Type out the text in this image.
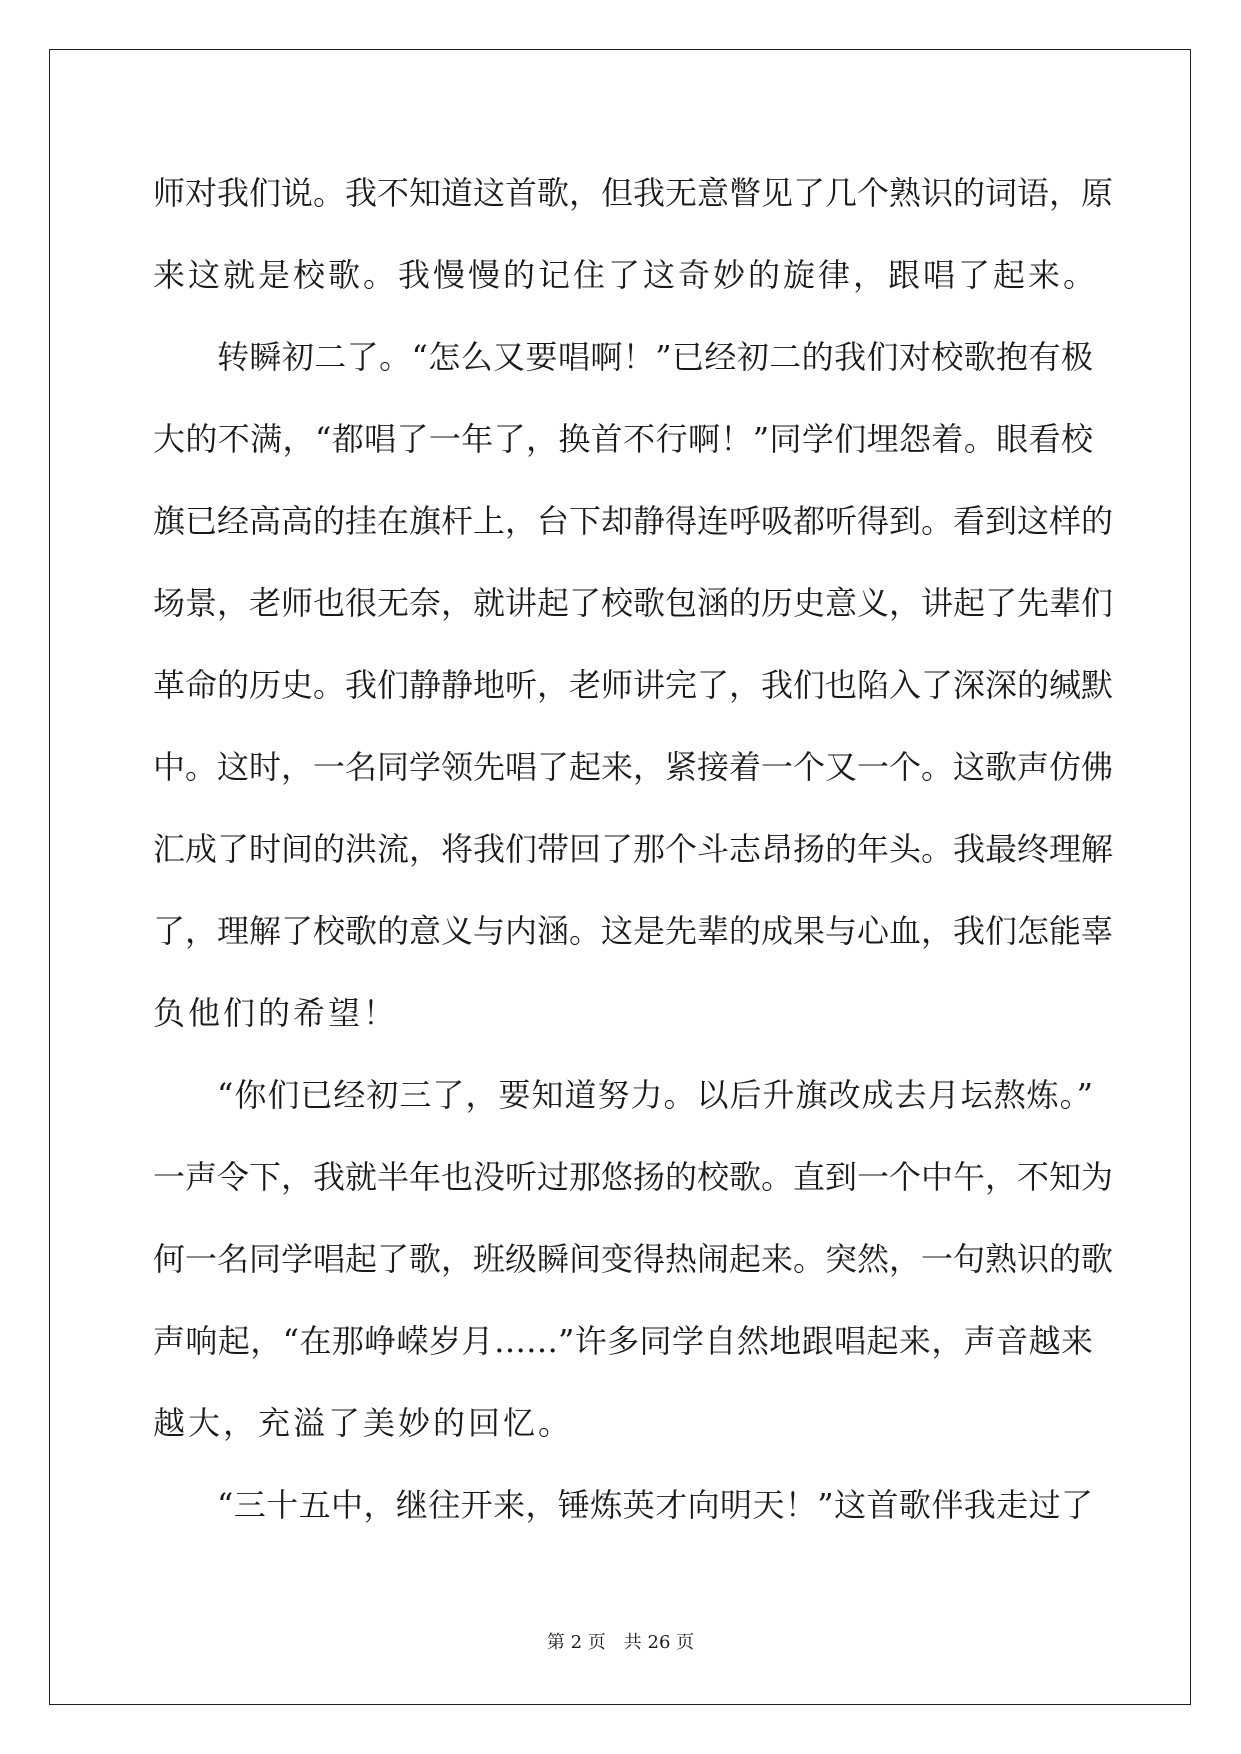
师对我们说。我不知道这首歌，但我无意瞥见了几个熟识的词语，原

来这就是校歌。我慢慢的记住了这奇妙的旋律，跟唱了起来。

转瞬初二了。“怎么又要唱啊！”已经初二的我们对校歌抱有极

大的不满，“都唱了一年了，换首不行啊！”同学们埋怨着。眼看校

旗已经高高的挂在旗杆上，台下却静得连呼吸都听得到。看到这样的

场景，老师也很无奈，就讲起了校歌包涵的历史意义，讲起了先辈们

革命的历史。我们静静地听，老师讲完了，我们也陷入了深深的缄默

中。这时，一名同学领先唱了起来，紧接着一个又一个。这歌声仿佛

汇成了时间的洪流，将我们带回了那个斗志昂扬的年头。我最终理解

了，理解了校歌的意义与内涵。这是先辈的成果与心血，我们怎能辜

负他们的希望！

“你们已经初三了，要知道努力。以后升旗改成去月坛熬炼。”

一声令下，我就半年也没听过那悠扬的校歌。直到一个中午，不知为

何一名同学唱起了歌，班级瞬间变得热闹起来。突然，一句熟识的歌

声响起，“在那峥嵘岁月……”许多同学自然地跟唱起来，声音越来

越大，充溢了美妙的回忆。

“三十五中，继往开来，锤炼英才向明天！”这首歌伴我走过了

第 2 页 共 26 页
